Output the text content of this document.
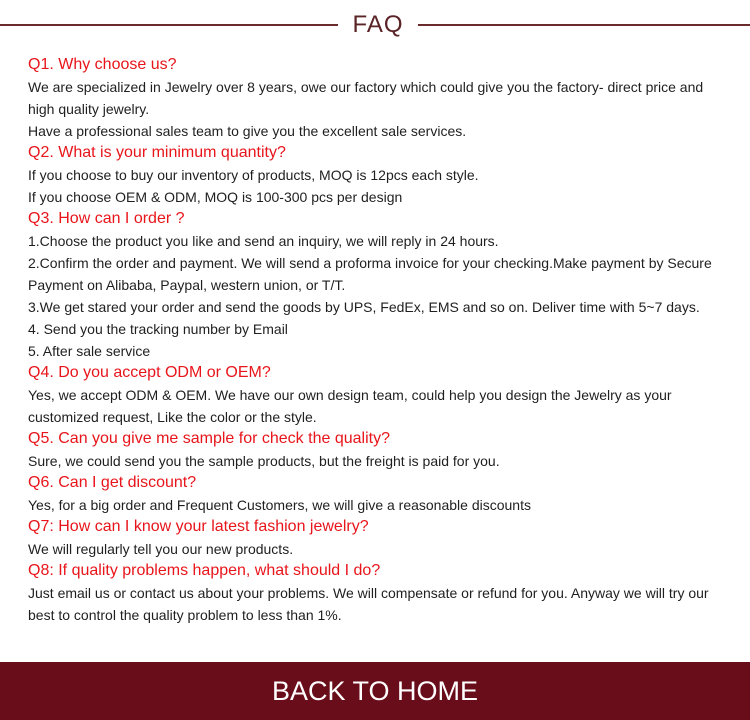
FAQ

Q1. Why choose us?

We are specialized in Jewelry over 8 years, owe our factory which could give you the factory- direct price and high quality jewelry.

Have a professional sales team to give you the excellent sale services.

Q2. What is your minimum quantity?

If you choose to buy our inventory of products, MOQ is 12pcs each style.

If you choose OEM & ODM, MOQ is 100-300 pcs per design

Q3. How can I order ?

1.Choose the product you like and send an inquiry, we will reply in 24 hours.

2.Confirm the order and payment. We will send a proforma invoice for your checking.Make payment by Secure Payment on Alibaba, Paypal, western union, or T/T.

3.We get stared your order and send the goods by UPS, FedEx, EMS and so on. Deliver time with 5~7 days.

4. Send you the tracking number by Email

5. After sale service

Q4. Do you accept ODM or OEM?

Yes, we accept ODM & OEM. We have our own design team, could help you design the Jewelry as your customized request, Like the color or the style.

Q5. Can you give me sample for check the quality?

Sure, we could send you the sample products, but the freight is paid for you.

Q6. Can I get discount?

Yes, for a big order and Frequent Customers, we will give a reasonable discounts

Q7: How can I know your latest fashion jewelry?

We will regularly tell you our new products.

Q8: If quality problems happen, what should I do?

Just email us or contact us about your problems. We will compensate or refund for you. Anyway we will try our best to control the quality problem to less than 1%.

BACK TO HOME
